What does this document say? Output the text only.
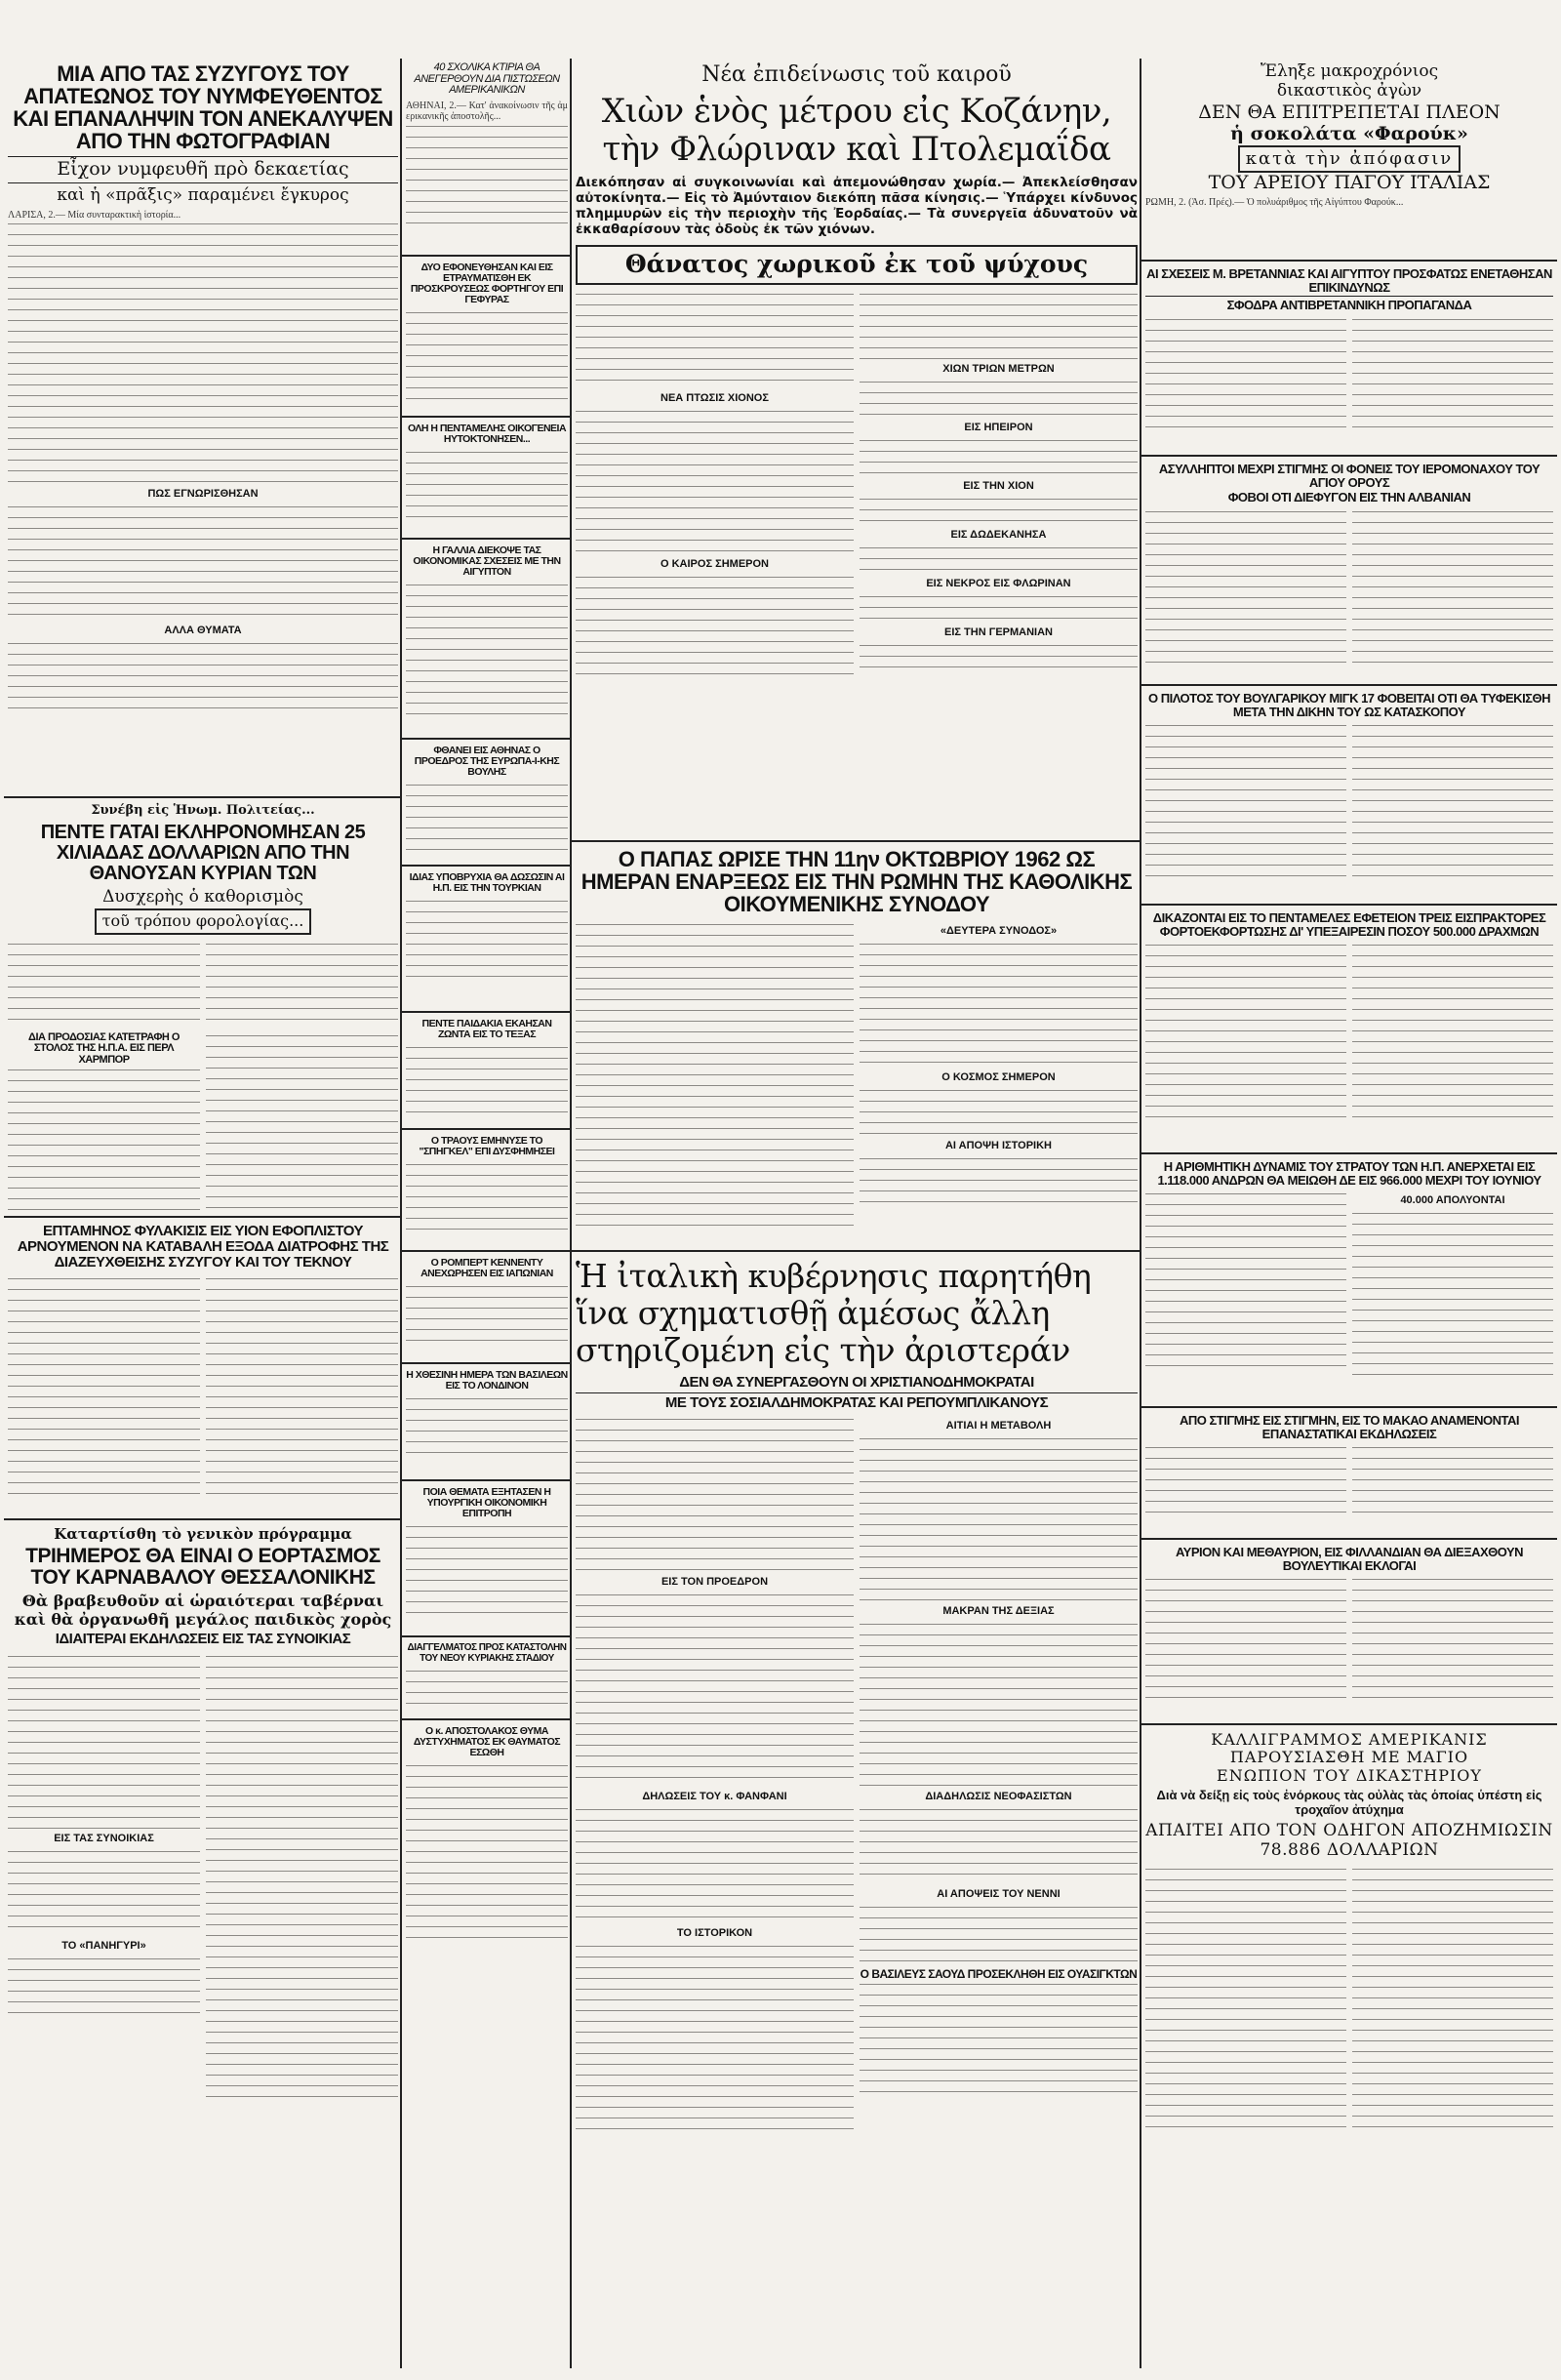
ΜΙΑ ΑΠΟ ΤΑΣ ΣΥΖΥΓΟΥΣ ΤΟΥ ΑΠΑΤΕΩΝΟΣ ΤΟΥ ΝΥΜΦΕΥΘΕΝΤΟΣ ΚΑΙ ΕΠΑΝΑΛΗΨΙΝ ΤΟΝ ΑΝΕΚΑΛΥΨΕΝ ΑΠΟ ΤΗΝ ΦΩΤΟΓΡΑΦΙΑΝ
Εἶχον νυμφευθῆ πρὸ δεκαετίας
καὶ ἡ «πρᾶξις» παραμένει ἔγκυρος
ΛΑΡΙΣΑ, 2.— Μία συνταρακτικὴ ἱστορία...
ΠΩΣ ΕΓΝΩΡΙΣΘΗΣΑΝ
ΑΛΛΑ ΘΥΜΑΤΑ
Συνέβη εἰς Ἡνωμ. Πολιτείας...
ΠΕΝΤΕ ΓΑΤΑΙ ΕΚΛΗΡΟΝΟΜΗΣΑΝ 25 ΧΙΛΙΑΔΑΣ ΔΟΛΛΑΡΙΩΝ ΑΠΟ ΤΗΝ ΘΑΝΟΥΣΑΝ ΚΥΡΙΑΝ ΤΩΝ
Δυσχερὴς ὁ καθορισμὸς
τοῦ τρόπου φορολογίας...
ΔΙΑ ΠΡΟΔΟΣΙΑΣ ΚΑΤΕΤΡΑΦΗ Ο ΣΤΟΛΟΣ ΤΗΣ Η.Π.Α. ΕΙΣ ΠΕΡΛ ΧΑΡΜΠΟΡ
ΕΠΤΑΜΗΝΟΣ ΦΥΛΑΚΙΣΙΣ ΕΙΣ ΥΙΟΝ ΕΦΟΠΛΙΣΤΟΥ ΑΡΝΟΥΜΕΝΟΝ ΝΑ ΚΑΤΑΒΑΛΗ ΕΞΟΔΑ ΔΙΑΤΡΟΦΗΣ ΤΗΣ ΔΙΑΖΕΥΧΘΕΙΣΗΣ ΣΥΖΥΓΟΥ ΚΑΙ ΤΟΥ ΤΕΚΝΟΥ
Καταρτίσθη τὸ γενικὸν πρόγραμμα
ΤΡΙΗΜΕΡΟΣ ΘΑ ΕΙΝΑΙ Ο ΕΟΡΤΑΣΜΟΣ ΤΟΥ ΚΑΡΝΑΒΑΛΟΥ ΘΕΣΣΑΛΟΝΙΚΗΣ
Θὰ βραβευθοῦν αἱ ὡραιότεραι ταβέρναι
καὶ θὰ ὀργανωθῆ μεγάλος παιδικὸς χορὸς
ΙΔΙΑΙΤΕΡΑΙ ΕΚΔΗΛΩΣΕΙΣ ΕΙΣ ΤΑΣ ΣΥΝΟΙΚΙΑΣ
ΕΙΣ ΤΑΣ ΣΥΝΟΙΚΙΑΣ
ΤΟ «ΠΑΝΗΓΥΡΙ»
40 ΣΧΟΛΙΚΑ ΚΤΙΡΙΑ ΘΑ ΑΝΕΓΕΡΘΟΥΝ ΔΙΑ ΠΙΣΤΩΣΕΩΝ ΑΜΕΡΙΚΑΝΙΚΩΝ
ΑΘΗΝΑΙ, 2.— Κατ' ἀνακοίνωσιν τῆς ἀμερικανικῆς ἀποστολῆς...
ΔΥΟ ΕΦΟΝΕΥΘΗΣΑΝ ΚΑΙ ΕΙΣ ΕΤΡΑΥΜΑΤΙΣΘΗ ΕΚ ΠΡΟΣΚΡΟΥΣΕΩΣ ΦΟΡΤΗΓΟΥ ΕΠΙ ΓΕΦΥΡΑΣ
ΟΛΗ Η ΠΕΝΤΑΜΕΛΗΣ ΟΙΚΟΓΕΝΕΙΑ ΗΥΤΟΚΤΟΝΗΣΕΝ...
Η ΓΑΛΛΙΑ ΔΙΕΚΟΨΕ ΤΑΣ ΟΙΚΟΝΟΜΙΚΑΣ ΣΧΕΣΕΙΣ ΜΕ ΤΗΝ ΑΙΓΥΠΤΟΝ
ΦΘΑΝΕΙ ΕΙΣ ΑΘΗΝΑΣ Ο ΠΡΟΕΔΡΟΣ ΤΗΣ ΕΥΡΩΠΑ-Ι-ΚΗΣ ΒΟΥΛΗΣ
ΙΔΙΑΣ ΥΠΟΒΡΥΧΙΑ ΘΑ ΔΩΣΩΣΙΝ ΑΙ Η.Π. ΕΙΣ ΤΗΝ ΤΟΥΡΚΙΑΝ
ΠΕΝΤΕ ΠΑΙΔΑΚΙΑ ΕΚΑΗΣΑΝ ΖΩΝΤΑ ΕΙΣ ΤΟ ΤΕΞΑΣ
Ο ΤΡΑΟΥΣ ΕΜΗΝΥΣΕ ΤΟ "ΣΠΗΓΚΕΛ" ΕΠΙ ΔΥΣΦΗΜΗΣΕΙ
Ο ΡΟΜΠΕΡΤ ΚΕΝΝΕΝΤΥ ΑΝΕΧΩΡΗΣΕΝ ΕΙΣ ΙΑΠΩΝΙΑΝ
Η ΧΘΕΣΙΝΗ ΗΜΕΡΑ ΤΩΝ ΒΑΣΙΛΕΩΝ ΕΙΣ ΤΟ ΛΟΝΔΙΝΟΝ
ΠΟΙΑ ΘΕΜΑΤΑ ΕΞΗΤΑΣΕΝ Η ΥΠΟΥΡΓΙΚΗ ΟΙΚΟΝΟΜΙΚΗ ΕΠΙΤΡΟΠΗ
ΔΙΑΓΓΕΛΜΑΤΟΣ ΠΡΟΣ ΚΑΤΑΣΤΟΛΗΝ ΤΟΥ ΝΕΟΥ ΚΥΡΙΑΚΗΣ ΣΤΑΔΙΟΥ
Ο κ. ΑΠΟΣΤΟΛΑΚΟΣ ΘΥΜΑ ΔΥΣΤΥΧΗΜΑΤΟΣ ΕΚ ΘΑΥΜΑΤΟΣ ΕΣΩΘΗ
Νέα ἐπιδείνωσις τοῦ καιροῦ
Χιὼν ἑνὸς μέτρου εἰς Κοζάνην,
τὴν Φλώριναν καὶ Πτολεμαΐδα
Διεκόπησαν αἱ συγκοινωνίαι καὶ ἀπεμονώθησαν χωρία.— Ἀπεκλείσθησαν αὐτοκίνητα.— Εἰς τὸ Ἀμύνταιον διεκόπη πᾶσα κίνησις.— Ὑπάρχει κίνδυνος πλημμυρῶν εἰς τὴν περιοχὴν τῆς Ἐορδαίας.— Τὰ συνεργεῖα ἀδυνατοῦν νὰ ἐκκαθαρίσουν τὰς ὁδοὺς ἐκ τῶν χιόνων.
Θάνατος χωρικοῦ ἐκ τοῦ ψύχους
ΝΕΑ ΠΤΩΣΙΣ ΧΙΟΝΟΣ
Ο ΚΑΙΡΟΣ ΣΗΜΕΡΟΝ
ΧΙΩΝ ΤΡΙΩΝ ΜΕΤΡΩΝ
ΕΙΣ ΗΠΕΙΡΟΝ
ΕΙΣ ΤΗΝ ΧΙΟΝ
ΕΙΣ ΔΩΔΕΚΑΝΗΣΑ
ΕΙΣ ΝΕΚΡΟΣ ΕΙΣ ΦΛΩΡΙΝΑΝ
ΕΙΣ ΤΗΝ ΓΕΡΜΑΝΙΑΝ
Ο ΠΑΠΑΣ ΩΡΙΣΕ ΤΗΝ 11ην ΟΚΤΩΒΡΙΟΥ 1962 ΩΣ ΗΜΕΡΑΝ ΕΝΑΡΞΕΩΣ ΕΙΣ ΤΗΝ ΡΩΜΗΝ ΤΗΣ ΚΑΘΟΛΙΚΗΣ ΟΙΚΟΥΜΕΝΙΚΗΣ ΣΥΝΟΔΟΥ
«ΔΕΥΤΕΡΑ ΣΥΝΟΔΟΣ»
Ο ΚΟΣΜΟΣ ΣΗΜΕΡΟΝ
ΑΙ ΑΠΟΨΗ ΙΣΤΟΡΙΚΗ
Ἡ ἰταλικὴ κυβέρνησις παρητήθη
ἵνα σχηματισθῇ ἀμέσως ἄλλη
στηριζομένη εἰς τὴν ἀριστεράν
ΔΕΝ ΘΑ ΣΥΝΕΡΓΑΣΘΟΥΝ ΟΙ ΧΡΙΣΤΙΑΝΟΔΗΜΟΚΡΑΤΑΙ
ΜΕ ΤΟΥΣ ΣΟΣΙΑΛΔΗΜΟΚΡΑΤΑΣ ΚΑΙ ΡΕΠΟΥΜΠΛΙΚΑΝΟΥΣ
ΕΙΣ ΤΟΝ ΠΡΟΕΔΡΟΝ
ΔΗΛΩΣΕΙΣ ΤΟΥ κ. ΦΑΝΦΑΝΙ
ΤΟ ΙΣΤΟΡΙΚΟΝ
ΑΙΤΙΑΙ Η ΜΕΤΑΒΟΛΗ
ΜΑΚΡΑΝ ΤΗΣ ΔΕΞΙΑΣ
ΔΙΑΔΗΛΩΣΙΣ ΝΕΟΦΑΣΙΣΤΩΝ
ΑΙ ΑΠΟΨΕΙΣ ΤΟΥ ΝΕΝΝΙ
Ο ΒΑΣΙΛΕΥΣ ΣΑΟΥΔ ΠΡΟΣΕΚΛΗΘΗ ΕΙΣ ΟΥΑΣΙΓΚΤΩΝ
Ἔληξε μακροχρόνιος
δικαστικὸς ἀγὼν
ΔΕΝ ΘΑ ΕΠΙΤΡΕΠΕΤΑΙ ΠΛΕΟΝ
ἡ σοκολάτα «Φαρούκ»
κατὰ τὴν ἀπόφασιν
ΤΟΥ ΑΡΕΙΟΥ ΠΑΓΟΥ ΙΤΑΛΙΑΣ
ΡΩΜΗ, 2. (Ἀσ. Πρές).— Ὁ πολυάριθμος τῆς Αἰγύπτου Φαρούκ...
ΑΙ ΣΧΕΣΕΙΣ Μ. ΒΡΕΤΑΝΝΙΑΣ ΚΑΙ ΑΙΓΥΠΤΟΥ ΠΡΟΣΦΑΤΩΣ ΕΝΕΤΑΘΗΣΑΝ ΕΠΙΚΙΝΔΥΝΩΣ
ΣΦΟΔΡΑ ΑΝΤΙΒΡΕΤΑΝΝΙΚΗ ΠΡΟΠΑΓΑΝΔΑ
ΑΣΥΛΛΗΠΤΟΙ ΜΕΧΡΙ ΣΤΙΓΜΗΣ ΟΙ ΦΟΝΕΙΣ ΤΟΥ ΙΕΡΟΜΟΝΑΧΟΥ ΤΟΥ ΑΓΙΟΥ ΟΡΟΥΣ
ΦΟΒΟΙ ΟΤΙ ΔΙΕΦΥΓΟΝ ΕΙΣ ΤΗΝ ΑΛΒΑΝΙΑΝ
Ο ΠΙΛΟΤΟΣ ΤΟΥ ΒΟΥΛΓΑΡΙΚΟΥ ΜΙΓΚ 17 ΦΟΒΕΙΤΑΙ ΟΤΙ ΘΑ ΤΥΦΕΚΙΣΘΗ ΜΕΤΑ ΤΗΝ ΔΙΚΗΝ ΤΟΥ ΩΣ ΚΑΤΑΣΚΟΠΟΥ
ΔΙΚΑΖΟΝΤΑΙ ΕΙΣ ΤΟ ΠΕΝΤΑΜΕΛΕΣ ΕΦΕΤΕΙΟΝ ΤΡΕΙΣ ΕΙΣΠΡΑΚΤΟΡΕΣ ΦΟΡΤΟΕΚΦΟΡΤΩΣΗΣ ΔΙ' ΥΠΕΞΑΙΡΕΣΙΝ ΠΟΣΟΥ 500.000 ΔΡΑΧΜΩΝ
Η ΑΡΙΘΜΗΤΙΚΗ ΔΥΝΑΜΙΣ ΤΟΥ ΣΤΡΑΤΟΥ ΤΩΝ Η.Π. ΑΝΕΡΧΕΤΑΙ ΕΙΣ 1.118.000 ΑΝΔΡΩΝ ΘΑ ΜΕΙΩΘΗ ΔΕ ΕΙΣ 966.000 ΜΕΧΡΙ ΤΟΥ ΙΟΥΝΙΟΥ
40.000 ΑΠΟΛΥΟΝΤΑΙ
ΑΠΟ ΣΤΙΓΜΗΣ ΕΙΣ ΣΤΙΓΜΗΝ, ΕΙΣ ΤΟ ΜΑΚΑΟ ΑΝΑΜΕΝΟΝΤΑΙ ΕΠΑΝΑΣΤΑΤΙΚΑΙ ΕΚΔΗΛΩΣΕΙΣ
ΑΥΡΙΟΝ ΚΑΙ ΜΕΘΑΥΡΙΟΝ, ΕΙΣ ΦΙΛΛΑΝΔΙΑΝ ΘΑ ΔΙΕΞΑΧΘΟΥΝ ΒΟΥΛΕΥΤΙΚΑΙ ΕΚΛΟΓΑΙ
ΚΑΛΛΙΓΡΑΜΜΟΣ ΑΜΕΡΙΚΑΝΙΣ
ΠΑΡΟΥΣΙΑΣΘΗ ΜΕ ΜΑΓΙΟ
ΕΝΩΠΙΟΝ ΤΟΥ ΔΙΚΑΣΤΗΡΙΟΥ
Διὰ νὰ δείξῃ εἰς τοὺς ἐνόρκους τὰς οὐλὰς τὰς ὁποίας ὑπέστη εἰς τροχαῖον ἀτύχημα
ΑΠΑΙΤΕΙ ΑΠΟ ΤΟΝ ΟΔΗΓΟΝ ΑΠΟΖΗΜΙΩΣΙΝ 78.886 ΔΟΛΛΑΡΙΩΝ
